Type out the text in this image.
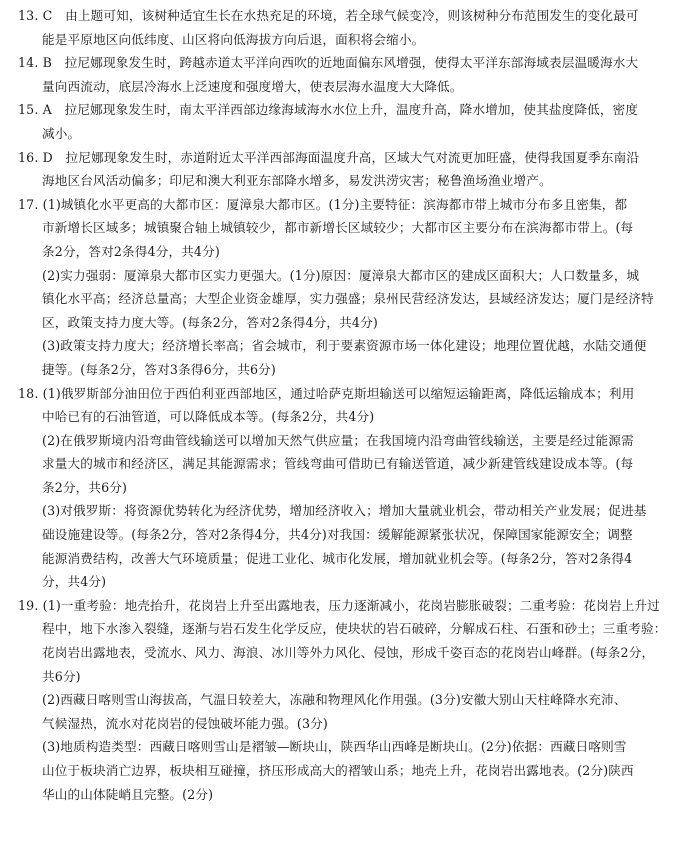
13. C　由上题可知，该树种适宜生长在水热充足的环境，若全球气候变冷，则该树种分布范围发生的变化最可
能是平原地区向低纬度、山区将向低海拔方向后退，面积将会缩小。
14. B　拉尼娜现象发生时，跨越赤道太平洋向西吹的近地面偏东风增强，使得太平洋东部海域表层温暖海水大
量向西流动，底层冷海水上泛速度和强度增大，使表层海水温度大大降低。
15. A　拉尼娜现象发生时，南太平洋西部边缘海域海水水位上升，温度升高，降水增加，使其盐度降低，密度
减小。
16. D　拉尼娜现象发生时，赤道附近太平洋西部海面温度升高，区域大气对流更加旺盛，使得我国夏季东南沿
海地区台风活动偏多；印尼和澳大利亚东部降水增多，易发洪涝灾害；秘鲁渔场渔业增产。
17. (1)城镇化水平更高的大都市区：厦漳泉大都市区。(1分)主要特征：滨海都市带上城市分布多且密集，都
市新增长区域多；城镇聚合轴上城镇较少，都市新增长区域较少；大都市区主要分布在滨海都市带上。(每
条2分，答对2条得4分，共4分)
(2)实力强弱：厦漳泉大都市区实力更强大。(1分)原因：厦漳泉大都市区的建成区面积大；人口数量多，城
镇化水平高；经济总量高；大型企业资金雄厚，实力强盛；泉州民营经济发达，县域经济发达；厦门是经济特
区，政策支持力度大等。(每条2分，答对2条得4分，共4分)
(3)政策支持力度大；经济增长率高；省会城市，利于要素资源市场一体化建设；地理位置优越，水陆交通便
捷等。(每条2分，答对3条得6分，共6分)
18. (1)俄罗斯部分油田位于西伯利亚西部地区，通过哈萨克斯坦输送可以缩短运输距离，降低运输成本；利用
中哈已有的石油管道，可以降低成本等。(每条2分，共4分)
(2)在俄罗斯境内沿弯曲管线输送可以增加天然气供应量；在我国境内沿弯曲管线输送，主要是经过能源需
求量大的城市和经济区，满足其能源需求；管线弯曲可借助已有输送管道，减少新建管线建设成本等。(每
条2分，共6分)
(3)对俄罗斯：将资源优势转化为经济优势，增加经济收入；增加大量就业机会，带动相关产业发展；促进基
础设施建设等。(每条2分，答对2条得4分，共4分)对我国：缓解能源紧张状况，保障国家能源安全；调整
能源消费结构，改善大气环境质量；促进工业化、城市化发展，增加就业机会等。(每条2分，答对2条得4
分，共4分)
19. (1)一重考验：地壳抬升，花岗岩上升至出露地表，压力逐渐减小，花岗岩膨胀破裂；二重考验：花岗岩上升过
程中，地下水渗入裂缝，逐渐与岩石发生化学反应，使块状的岩石破碎，分解成石柱、石蛋和砂土；三重考验：
花岗岩出露地表，受流水、风力、海浪、冰川等外力风化、侵蚀，形成千姿百态的花岗岩山峰群。(每条2分，
共6分)
(2)西藏日喀则雪山海拔高，气温日较差大，冻融和物理风化作用强。(3分)安徽大别山天柱峰降水充沛、
气候湿热，流水对花岗岩的侵蚀破坏能力强。(3分)
(3)地质构造类型：西藏日喀则雪山是褶皱—断块山，陕西华山西峰是断块山。(2分)依据：西藏日喀则雪
山位于板块消亡边界，板块相互碰撞，挤压形成高大的褶皱山系；地壳上升，花岗岩出露地表。(2分)陕西
华山的山体陡峭且完整。(2分)
